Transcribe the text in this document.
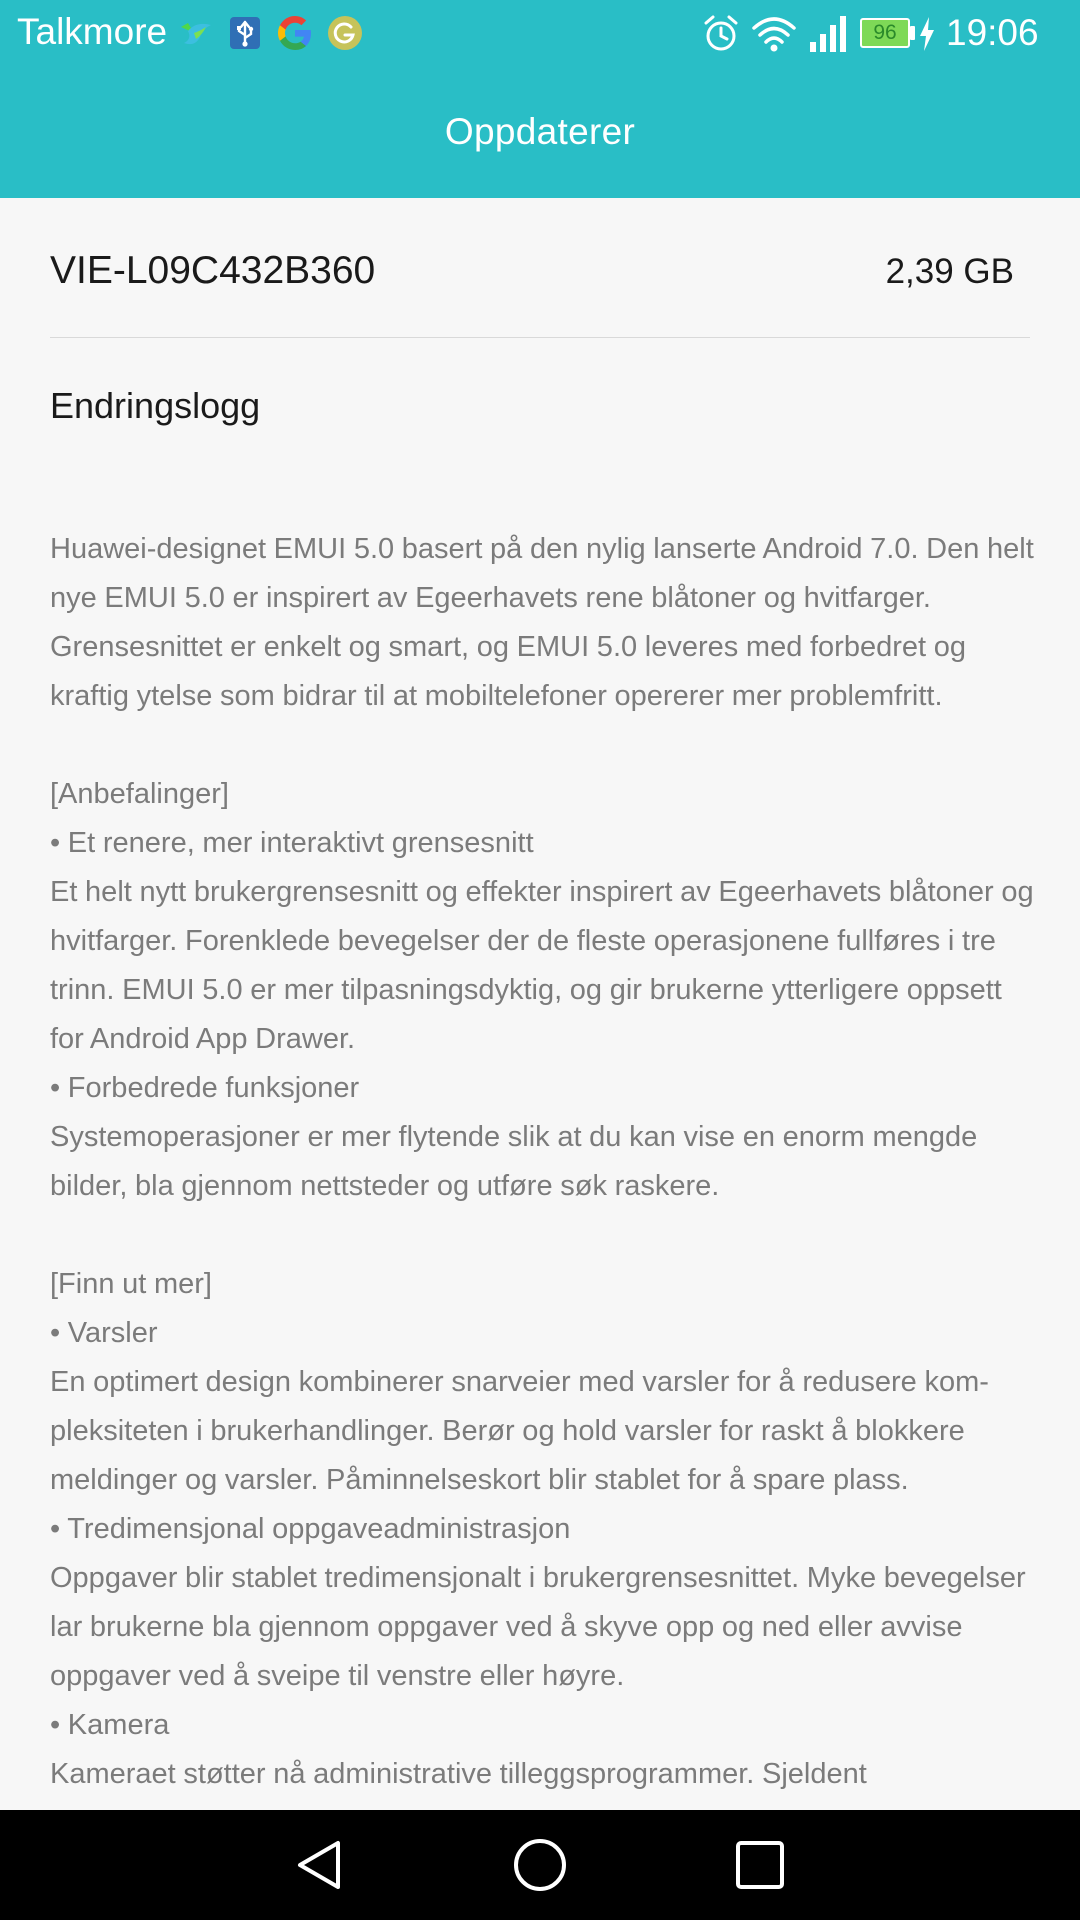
Talkmore	96	19:06
Oppdaterer
VIE-L09C432B360	2,39 GB
Endringslogg

Huawei-designet EMUI 5.0 basert på den nylig lanserte Android 7.0. Den helt nye EMUI 5.0 er inspirert av Egeerhavets rene blåtoner og hvitfarger. Grensesnittet er enkelt og smart, og EMUI 5.0 leveres med forbedret og kraftig ytelse som bidrar til at mobiltelefoner opererer mer problemfritt.

[Anbefalinger]
• Et renere, mer interaktivt grensesnitt
Et helt nytt brukergrensesnitt og effekter inspirert av Egeerhavets blåtoner og hvitfarger. Forenklede bevegelser der de fleste operasjonene fullføres i tre trinn. EMUI 5.0 er mer tilpasningsdyktig, og gir brukerne ytterligere oppsett for Android App Drawer.
• Forbedrede funksjoner
Systemoperasjoner er mer flytende slik at du kan vise en enorm mengde bilder, bla gjennom nettsteder og utføre søk raskere.

[Finn ut mer]
• Varsler
En optimert design kombinerer snarveier med varsler for å redusere kom-pleksiteten i brukerhandlinger. Berør og hold varsler for raskt å blokkere meldinger og varsler. Påminnelseskort blir stablet for å spare plass.
• Tredimensjonal oppgaveadministrasjon
Oppgaver blir stablet tredimensjonalt i brukergrensesnittet. Myke bevegelser lar brukerne bla gjennom oppgaver ved å skyve opp og ned eller avvise oppgaver ved å sveipe til venstre eller høyre.
• Kamera
Kameraet støtter nå administrative tilleggsprogrammer. Sjeldent
